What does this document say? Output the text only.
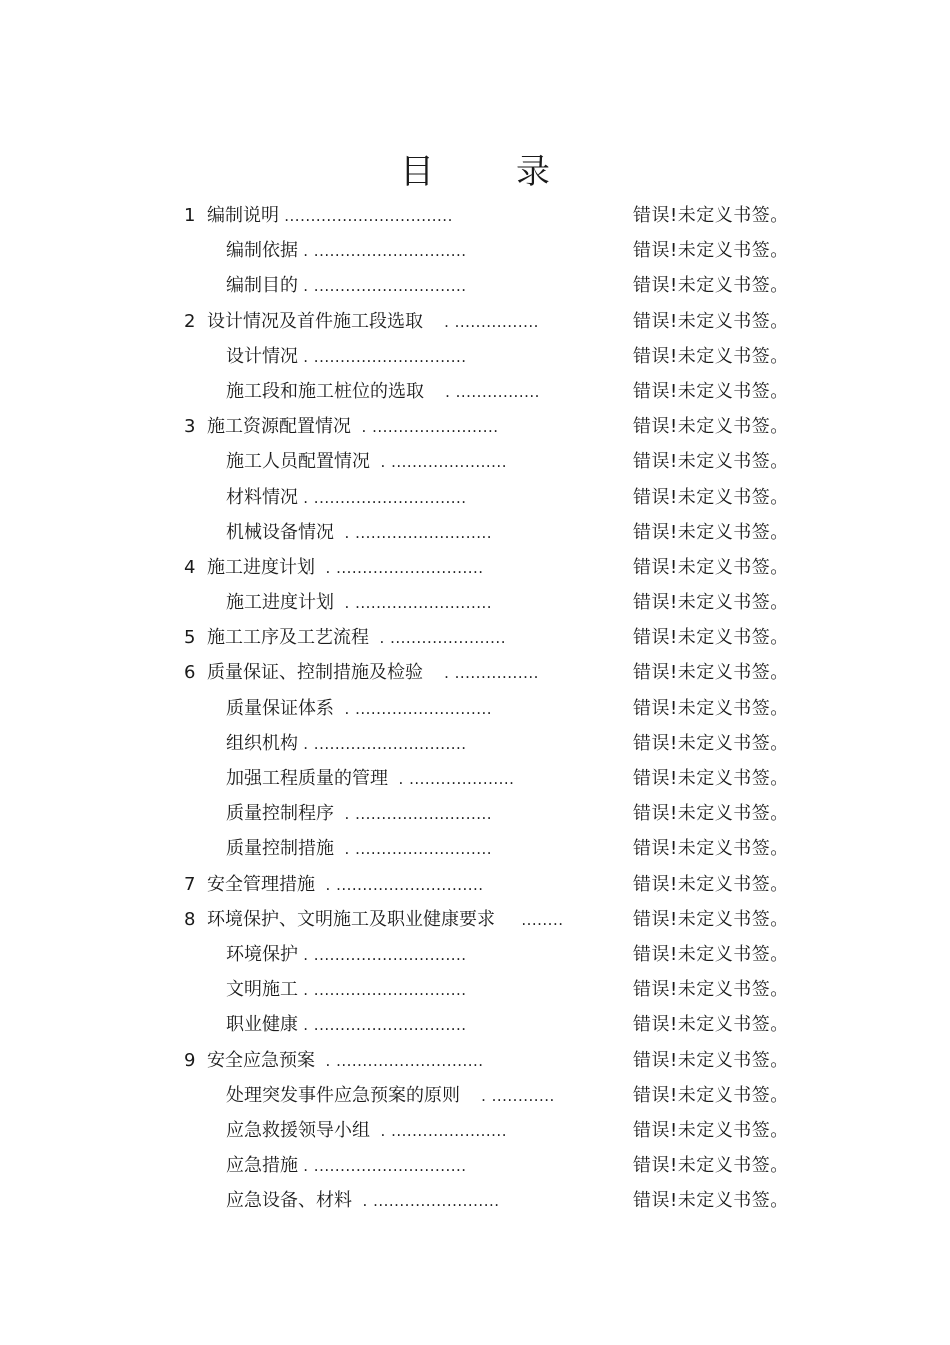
目 录
1 编制说明 ................................	错误!未定义书签。
编制依据 . .............................	错误!未定义书签。
编制目的 . .............................	错误!未定义书签。
2 设计情况及首件施工段选取    . ................	错误!未定义书签。
设计情况 . .............................	错误!未定义书签。
施工段和施工桩位的选取    . ................	错误!未定义书签。
3 施工资源配置情况  . ........................	错误!未定义书签。
施工人员配置情况  . ......................	错误!未定义书签。
材料情况 . .............................	错误!未定义书签。
机械设备情况  . ..........................	错误!未定义书签。
4 施工进度计划  . ............................	错误!未定义书签。
施工进度计划  . ..........................	错误!未定义书签。
5 施工工序及工艺流程  . ......................	错误!未定义书签。
6 质量保证、控制措施及检验    . ................	错误!未定义书签。
质量保证体系  . ..........................	错误!未定义书签。
组织机构 . .............................	错误!未定义书签。
加强工程质量的管理  . ....................	错误!未定义书签。
质量控制程序  . ..........................	错误!未定义书签。
质量控制措施  . ..........................	错误!未定义书签。
7 安全管理措施  . ............................	错误!未定义书签。
8 环境保护、文明施工及职业健康要求     ........	错误!未定义书签。
环境保护 . .............................	错误!未定义书签。
文明施工 . .............................	错误!未定义书签。
职业健康 . .............................	错误!未定义书签。
9 安全应急预案  . ............................	错误!未定义书签。
处理突发事件应急预案的原则    . ............	错误!未定义书签。
应急救援领导小组  . ......................	错误!未定义书签。
应急措施 . .............................	错误!未定义书签。
应急设备、材料  . ........................	错误!未定义书签。
